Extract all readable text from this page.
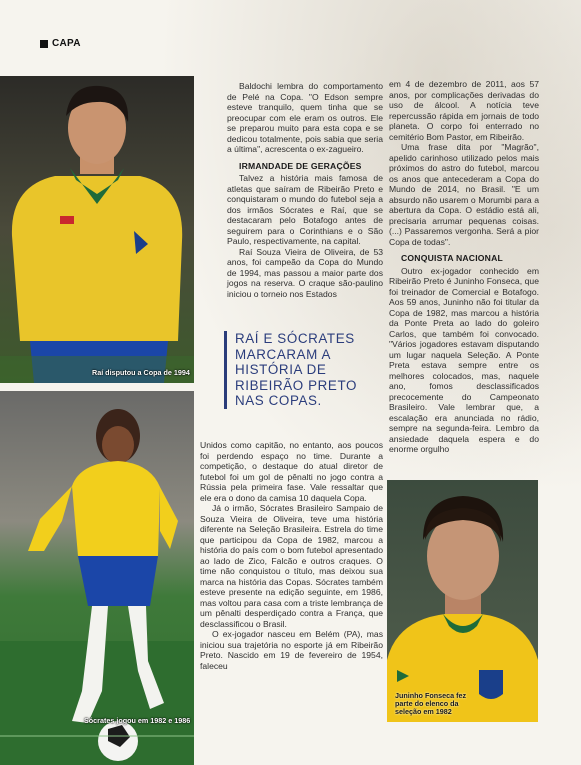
CAPA
Raí disputou a Copa de 1994
Sócrates jogou em 1982 e 1986
Juninho Fonseca fez parte do elenco da seleção em 1982

Baldochi lembra do comportamento de Pelé na Copa. "O Edson sempre esteve tranquilo, quem tinha que se preocupar com ele eram os outros. Ele se preparou muito para esta copa e se dedicou totalmente, pois sabia que seria a última", acrescenta o ex-zagueiro.

IRMANDADE DE GERAÇÕES

Talvez a história mais famosa de atletas que saíram de Ribeirão Preto e conquistaram o mundo do futebol seja a dos irmãos Sócrates e Raí, que se destacaram pelo Botafogo antes de seguirem para o Corinthians e o São Paulo, respectivamente, na capital.

Raí Souza Vieira de Oliveira, de 53 anos, foi campeão da Copa do Mundo de 1994, mas passou a maior parte dos jogos na reserva. O craque são-paulino iniciou o torneio nos Estados

RAÍ E SÓCRATES MARCARAM A HISTÓRIA DE RIBEIRÃO PRETO NAS COPAS.

Unidos como capitão, no entanto, aos poucos foi perdendo espaço no time. Durante a competição, o destaque do atual diretor de futebol foi um gol de pênalti no jogo contra a Rússia pela primeira fase. Vale ressaltar que ele era o dono da camisa 10 daquela Copa.

Já o irmão, Sócrates Brasileiro Sampaio de Souza Vieira de Oliveira, teve uma história diferente na Seleção Brasileira. Estrela do time que participou da Copa de 1982, marcou a história do país com o bom futebol apresentado ao lado de Zico, Falcão e outros craques. O time não conquistou o título, mas deixou sua marca na história das Copas. Sócrates também esteve presente na edição seguinte, em 1986, mas voltou para casa com a triste lembrança de um pênalti desperdiçado contra a França, que desclassificou o Brasil.

O ex-jogador nasceu em Belém (PA), mas iniciou sua trajetória no esporte já em Ribeirão Preto. Nascido em 19 de fevereiro de 1954, faleceu

em 4 de dezembro de 2011, aos 57 anos, por complicações derivadas do uso de álcool. A notícia teve repercussão rápida em jornais de todo planeta. O corpo foi enterrado no cemitério Bom Pastor, em Ribeirão.

Uma frase dita por "Magrão", apelido carinhoso utilizado pelos mais próximos do astro do futebol, marcou os anos que antecederam a Copa do Mundo de 2014, no Brasil. "E um absurdo não usarem o Morumbi para a abertura da Copa. O estádio está ali, precisaria arrumar pequenas coisas. (...) Passaremos vergonha. Será a pior Copa de todas".

CONQUISTA NACIONAL

Outro ex-jogador conhecido em Ribeirão Preto é Juninho Fonseca, que foi treinador de Comercial e Botafogo. Aos 59 anos, Juninho não foi titular da Copa de 1982, mas marcou a história da Ponte Preta ao lado do goleiro Carlos, que também foi convocado. "Vários jogadores estavam disputando um lugar naquela Seleção. A Ponte Preta estava sempre entre os melhores colocados, mas, naquele ano, fomos desclassificados precocemente do Campeonato Brasileiro. Vale lembrar que, a escalação era anunciada no rádio, sempre na segunda-feira. Lembro da ansiedade daquela espera e do enorme orgulho
